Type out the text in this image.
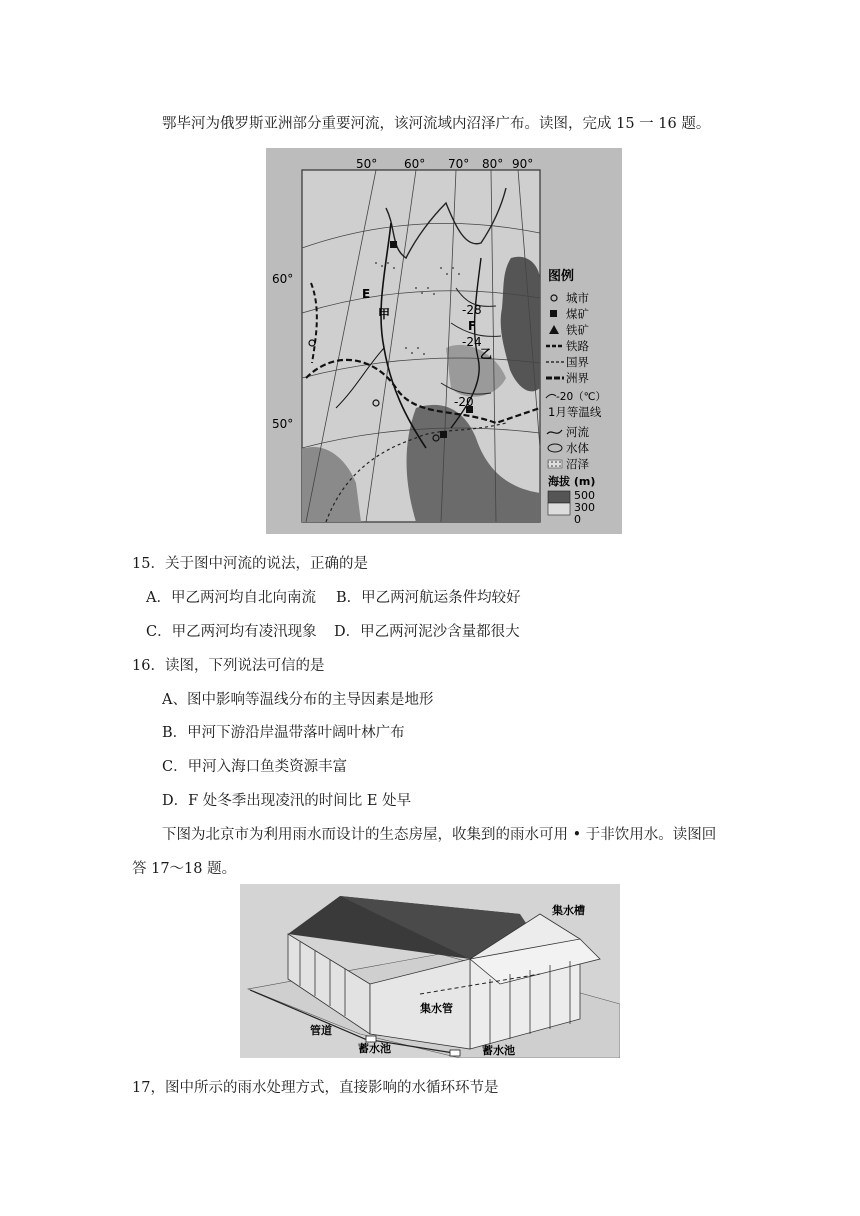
鄂毕河为俄罗斯亚洲部分重要河流，该河流域内沼泽广布。读图，完成 15 一 16 题。
50° 60° 70° 80° 90°
60°
50°
E
甲
F
乙
-28
-24
-20
图例
城市
煤矿
铁矿
铁路
国界
洲界
-20（℃）
1月等温线
河流
水体
沼泽
海拔 (m)
500
300
0
15．关于图中河流的说法，正确的是
A．甲乙两河均自北向南流 B．甲乙两河航运条件均较好
C．甲乙两河均有凌汛现象 D．甲乙两河泥沙含量都很大
16．读图，下列说法可信的是
A、图中影响等温线分布的主导因素是地形
B．甲河下游沿岸温带落叶阔叶林广布
C．甲河入海口鱼类资源丰富
D．F 处冬季出现凌汛的时间比 E 处早
下图为北京市为利用雨水而设计的生态房屋，收集到的雨水可用 • 于非饮用水。读图回
答 17～18 题。
集水槽
管道
蓄水池
集水管
蓄水池
17，图中所示的雨水处理方式，直接影响的水循环环节是
